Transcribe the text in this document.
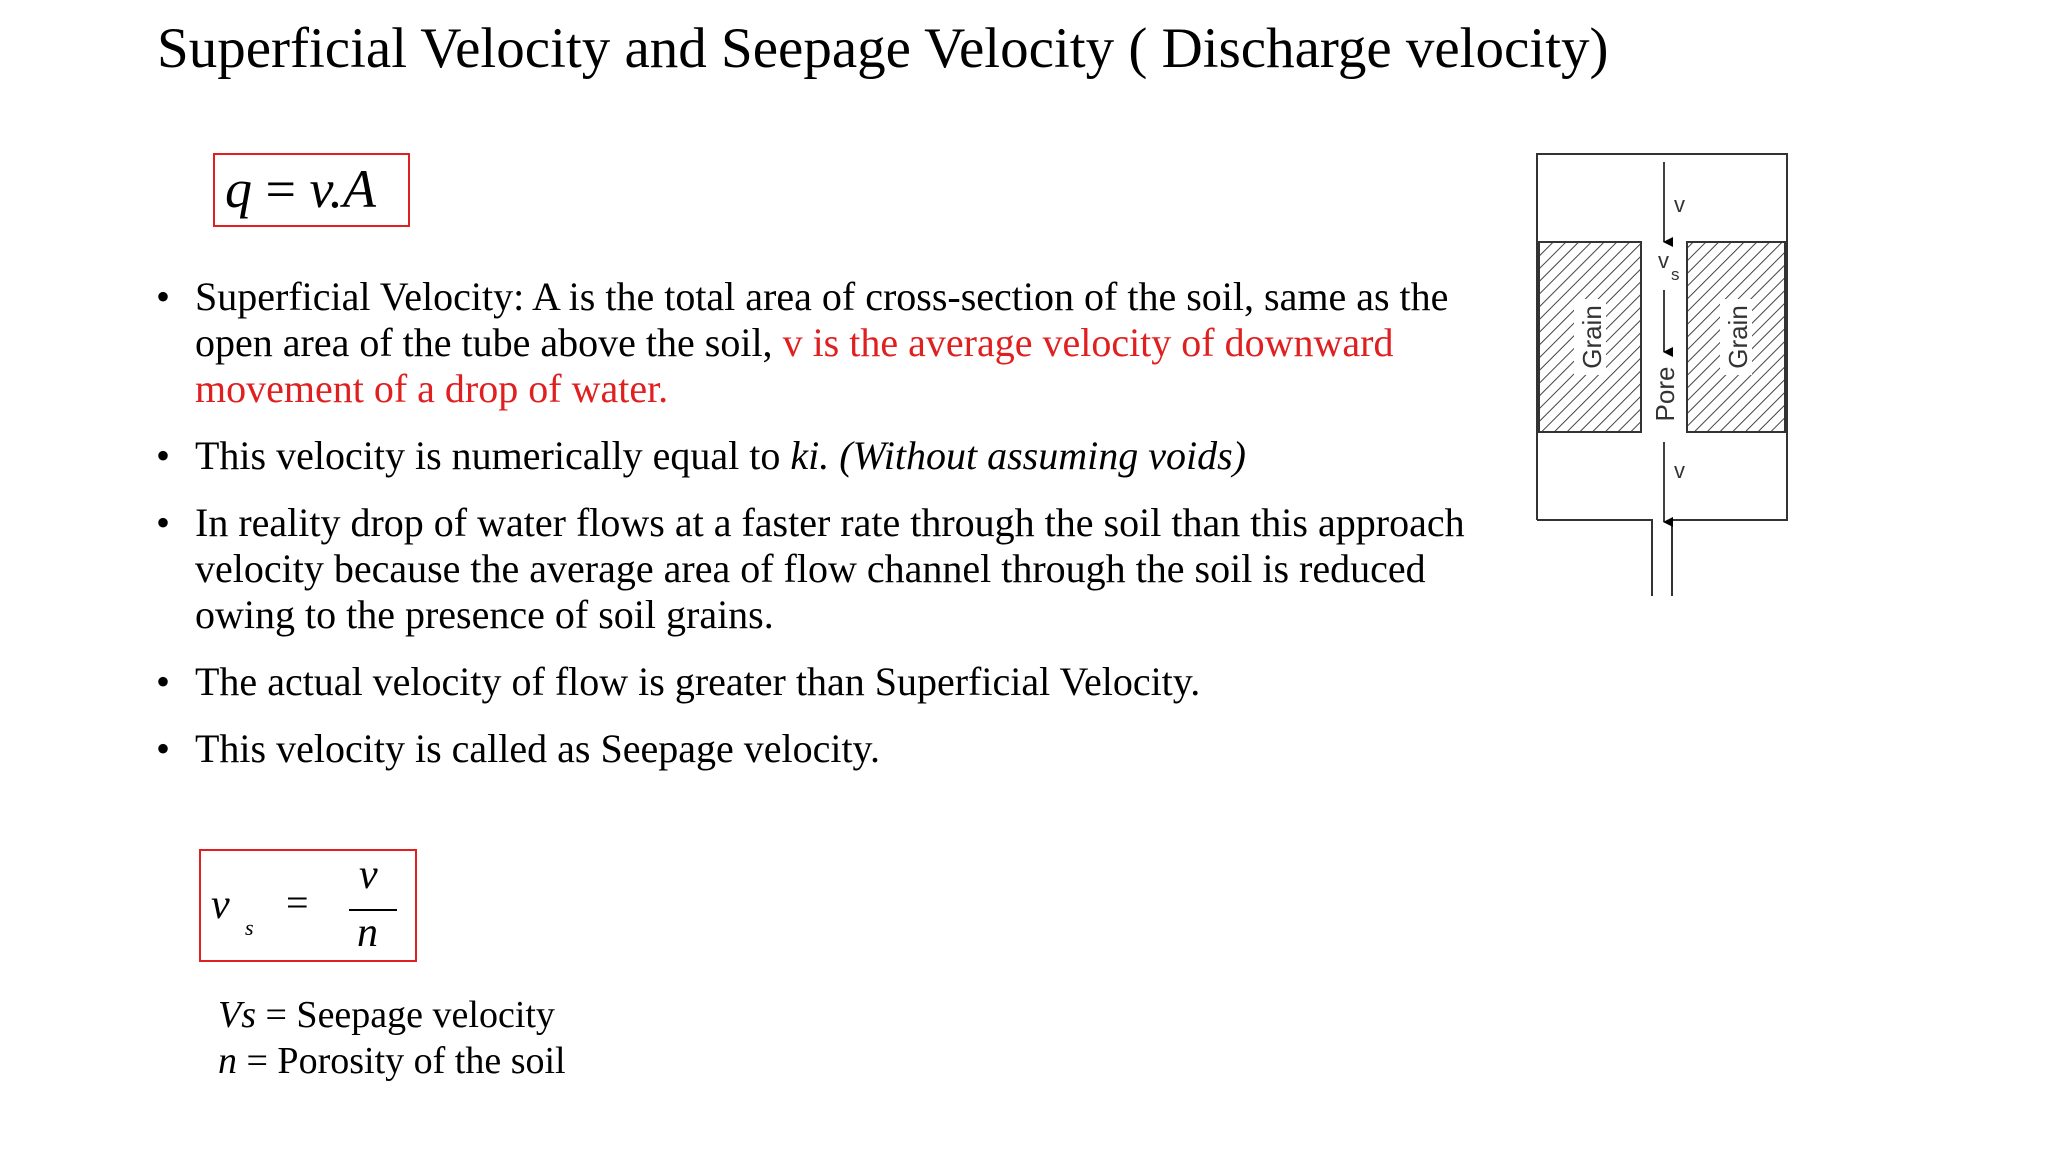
Superficial Velocity and Seepage Velocity ( Discharge velocity)
q = v.A
• Superficial Velocity: A is the total area of cross-section of the soil, same as the open area of the tube above the soil, v is the average velocity of downward movement of a drop of water.
• This velocity is numerically equal to ki. (Without assuming voids)
• In reality drop of water flows at a faster rate through the soil than this approach velocity because the average area of flow channel through the soil is reduced owing to the presence of soil grains.
• The actual velocity of flow is greater than Superficial Velocity.
• This velocity is called as Seepage velocity.
v s
=
v
n
Vs = Seepage velocity
n = Porosity of the soil
Grain	Grain
Pore
v
v
s
v
